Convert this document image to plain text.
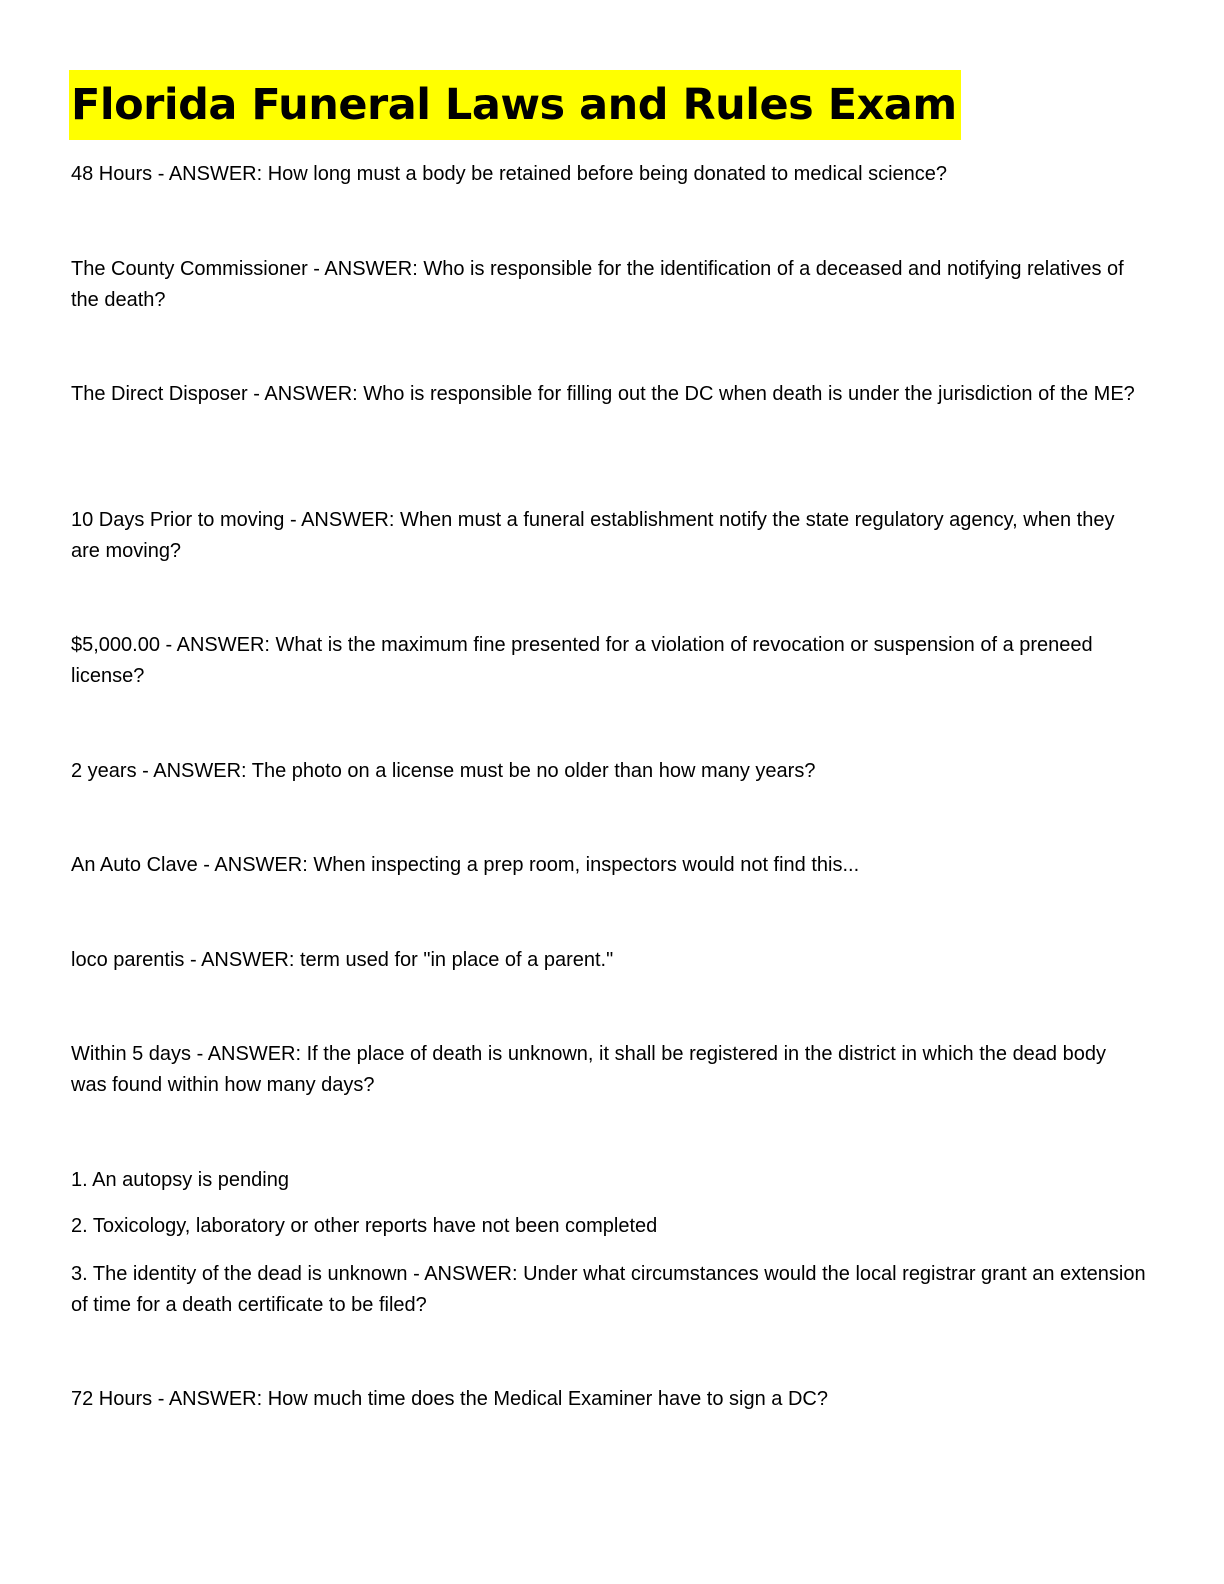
Florida Funeral Laws and Rules Exam

48 Hours - ANSWER: How long must a body be retained before being donated to medical science?

The County Commissioner - ANSWER: Who is responsible for the identification of a deceased and notifying relatives of the death?

The Direct Disposer - ANSWER: Who is responsible for filling out the DC when death is under the jurisdiction of the ME?

10 Days Prior to moving - ANSWER: When must a funeral establishment notify the state regulatory agency, when they are moving?

$5,000.00 - ANSWER: What is the maximum fine presented for a violation of revocation or suspension of a preneed license?

2 years - ANSWER: The photo on a license must be no older than how many years?

An Auto Clave - ANSWER: When inspecting a prep room, inspectors would not find this...

loco parentis - ANSWER: term used for "in place of a parent."

Within 5 days - ANSWER: If the place of death is unknown, it shall be registered in the district in which the dead body was found within how many days?

1. An autopsy is pending

2. Toxicology, laboratory or other reports have not been completed

3. The identity of the dead is unknown - ANSWER: Under what circumstances would the local registrar grant an extension of time for a death certificate to be filed?

72 Hours - ANSWER: How much time does the Medical Examiner have to sign a DC?
